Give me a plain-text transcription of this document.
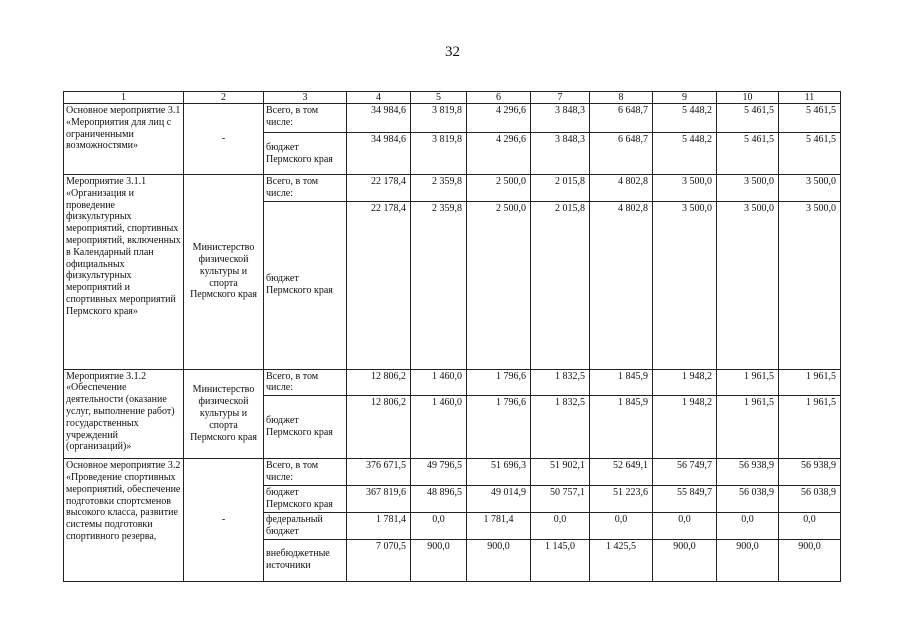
32
1	2	3	4	5	6	7	8	9	10	11
Основное мероприятие 3.1 «Мероприятия для лиц с ограниченными возможностями»	-	Всего, в том числе:	34 984,6	3 819,8	4 296,6	3 848,3	6 648,7	5 448,2	5 461,5	5 461,5
		бюджет Пермского края	34 984,6	3 819,8	4 296,6	3 848,3	6 648,7	5 448,2	5 461,5	5 461,5
Мероприятие 3.1.1 «Организация и проведение физкультурных мероприятий, спортивных мероприятий, включенных в Календарный план официальных физкультурных мероприятий и спортивных мероприятий Пермского края»	Министерство физической культуры и спорта Пермского края	Всего, в том числе:	22 178,4	2 359,8	2 500,0	2 015,8	4 802,8	3 500,0	3 500,0	3 500,0
		бюджет Пермского края	22 178,4	2 359,8	2 500,0	2 015,8	4 802,8	3 500,0	3 500,0	3 500,0
Мероприятие 3.1.2 «Обеспечение деятельности (оказание услуг, выполнение работ) государственных учреждений (организаций)»	Министерство физической культуры и спорта Пермского края	Всего, в том числе:	12 806,2	1 460,0	1 796,6	1 832,5	1 845,9	1 948,2	1 961,5	1 961,5
		бюджет Пермского края	12 806,2	1 460,0	1 796,6	1 832,5	1 845,9	1 948,2	1 961,5	1 961,5
Основное мероприятие 3.2 «Проведение спортивных мероприятий, обеспечение подготовки спортсменов высокого класса, развитие системы подготовки спортивного резерва,	-	Всего, в том числе:	376 671,5	49 796,5	51 696,3	51 902,1	52 649,1	56 749,7	56 938,9	56 938,9
		бюджет Пермского края	367 819,6	48 896,5	49 014,9	50 757,1	51 223,6	55 849,7	56 038,9	56 038,9
		федеральный бюджет	1 781,4	0,0	1 781,4	0,0	0,0	0,0	0,0	0,0
		внебюджетные источники	7 070,5	900,0	900,0	1 145,0	1 425,5	900,0	900,0	900,0
